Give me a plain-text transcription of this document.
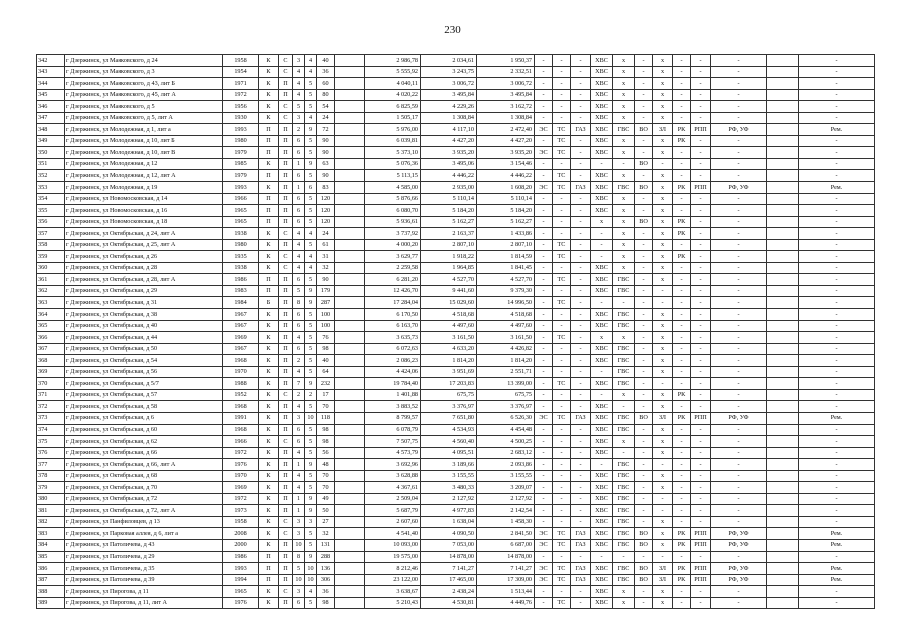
230
342	г Дзержинск, ул Маяковского, д 24	1958	К	С	3	4	40		2 986,78	2 034,61	1 950,37	-	-	-	ХВС	х	-	х	-	-	-		-
343	г Дзержинск, ул Маяковского, д 3	1954	К	С	4	4	36		5 555,92	3 243,75	2 332,51	-	-	-	ХВС	х	-	х	-	-	-		-
344	г Дзержинск, ул Маяковского, д 43, лит Б	1971	К	П	4	5	60		4 040,11	3 006,72	3 006,72	-	-	-	ХВС	х	-	х	-	-	-		-
345	г Дзержинск, ул Маяковского, д 45, лит А	1972	К	П	4	5	80		4 020,22	3 495,84	3 495,84	-	-	-	ХВС	х	-	х	-	-	-		-
346	г Дзержинск, ул Маяковского, д 5	1956	К	С	5	5	54		6 825,59	4 229,26	3 162,72	-	-	-	ХВС	х	-	х	-	-	-		-
347	г Дзержинск, ул Маяковского, д 5, лит А	1930	К	С	3	4	24		1 505,17	1 308,84	1 308,84	-	-	-	ХВС	х	-	х	-	-	-		-
348	г Дзержинск, ул Молодежная, д 1, лит а	1993	П	П	2	9	72		5 976,00	4 117,10	2 472,40	ЭС	ТС	ГАЗ	ХВС	ГВС	ВО	ЗЛ	РК	РПП	РФ, УФ		Рем.
349	г Дзержинск, ул Молодежная, д 10, лит Б	1980	П	П	6	5	90		6 039,81	4 427,20	4 427,20	-	ТС	-	ХВС	х	-	х	РК	-	-		-
350	г Дзержинск, ул Молодежная, д 10, лит В	1979	П	П	6	5	90		5 373,10	3 935,20	3 935,20	ЭС	ТС	-	ХВС	х	-	х	-	-	-		-
351	г Дзержинск, ул Молодежная, д 12	1985	К	П	1	9	63		5 076,36	3 495,06	3 154,46	-	-	-	-	-	ВО	-	-	-	-		-
352	г Дзержинск, ул Молодежная, д 12, лит А	1979	П	П	6	5	90		5 113,15	4 446,22	4 446,22	-	ТС	-	ХВС	х	-	х	-	-	-		-
353	г Дзержинск, ул Молодежная, д 19	1993	К	П	1	6	83		4 585,00	2 935,00	1 608,20	ЭС	ТС	ГАЗ	ХВС	ГВС	ВО	х	РК	РПП	РФ, УФ		Рем.
354	г Дзержинск, ул Новомосковская, д 14	1966	П	П	6	5	120		5 876,66	5 110,14	5 110,14	-	-	-	ХВС	х	-	х	-	-	-		-
355	г Дзержинск, ул Новомосковская, д 16	1965	П	П	6	5	120		6 080,70	5 184,20	5 184,20	-	-	-	ХВС	х	-	х	-	-	-		-
356	г Дзержинск, ул Новомосковская, д 18	1965	П	П	6	5	120		5 936,61	5 162,27	5 162,27	-	-	-	х	х	ВО	х	РК	-	-		-
357	г Дзержинск, ул Октябрьская, д 24, лит А	1938	К	С	4	4	24		3 737,92	2 163,37	1 433,86	-	-	-	-	х	-	х	РК	-	-		-
358	г Дзержинск, ул Октябрьская, д 25, лит А	1980	К	П	4	5	61		4 000,20	2 807,10	2 807,10	-	ТС	-	-	х	-	х	-	-	-		-
359	г Дзержинск, ул Октябрьская, д 26	1935	К	С	4	4	31		3 629,77	1 918,22	1 814,59	-	ТС	-	-	х	-	х	РК	-	-		-
360	г Дзержинск, ул Октябрьская, д 28	1938	К	С	4	4	32		2 259,58	1 964,85	1 841,45	-	-	-	ХВС	х	-	х	-	-	-		-
361	г Дзержинск, ул Октябрьская, д 28, лит А	1986	П	П	6	5	90		6 281,20	4 527,70	4 527,70	-	ТС	-	ХВС	ГВС	-	х	-	-	-		-
362	г Дзержинск, ул Октябрьская, д 29	1983	П	П	5	9	179		12 426,70	9 441,60	9 379,30	-	-	-	ХВС	ГВС	-	-	-	-	-		-
363	г Дзержинск, ул Октябрьская, д 31	1984	Б	П	8	9	287		17 284,04	15 029,60	14 996,50	-	ТС	-	-	-	-	-	-	-	-		-
364	г Дзержинск, ул Октябрьская, д 38	1967	К	П	6	5	100		6 170,50	4 518,68	4 518,68	-	-	-	ХВС	ГВС	-	х	-	-	-		-
365	г Дзержинск, ул Октябрьская, д 40	1967	К	П	6	5	100		6 163,70	4 497,60	4 497,60	-	-	-	ХВС	ГВС	-	х	-	-	-		-
366	г Дзержинск, ул Октябрьская, д 44	1969	К	П	4	5	76		3 635,73	3 161,50	3 161,50	-	ТС	-	х	х	-	х	-	-	-		-
367	г Дзержинск, ул Октябрьская, д 50	1967	К	П	6	5	98		6 072,63	4 633,20	4 426,82	-	-	-	ХВС	ГВС	-	х	-	-	-		-
368	г Дзержинск, ул Октябрьская, д 54	1968	К	П	2	5	40		2 086,23	1 814,20	1 814,20	-	-	-	ХВС	ГВС	-	х	-	-	-		-
369	г Дзержинск, ул Октябрьская, д 56	1970	К	П	4	5	64		4 424,06	3 951,69	2 551,71	-	-	-	-	ГВС	-	х	-	-	-		-
370	г Дзержинск, ул Октябрьская, д 5/7	1988	К	П	7	9	232		19 784,40	17 203,83	13 399,00	-	ТС	-	ХВС	ГВС	-	-	-	-	-		-
371	г Дзержинск, ул Октябрьская, д 57	1952	К	С	2	2	17		1 401,88	675,75	675,75	-	-	-	-	х	-	х	РК	-	-		-
372	г Дзержинск, ул Октябрьская, д 58	1968	К	П	4	5	70		3 883,52	3 376,97	3 376,97	-	-	-	ХВС	-	-	х	-	-	-		-
373	г Дзержинск, ул Октябрьская, д 6	1991	К	П	3	10	118		8 799,57	7 651,80	6 526,30	ЭС	ТС	ГАЗ	ХВС	ГВС	ВО	ЗЛ	РК	РПП	РФ, УФ		Рем.
374	г Дзержинск, ул Октябрьская, д 60	1968	К	П	6	5	98		6 078,79	4 534,93	4 454,48	-	-	-	ХВС	ГВС	-	х	-	-	-		-
375	г Дзержинск, ул Октябрьская, д 62	1966	К	С	6	5	98		7 507,75	4 560,40	4 500,25	-	-	-	ХВС	х	-	х	-	-	-		-
376	г Дзержинск, ул Октябрьская, д 66	1972	К	П	4	5	56		4 573,79	4 095,51	2 683,12	-	-	-	ХВС	-	-	х	-	-	-		-
377	г Дзержинск, ул Октябрьская, д 66, лит А	1976	К	П	1	9	48		3 692,96	3 189,66	2 093,86	-	-	-	-	ГВС	-	-	-	-	-		-
378	г Дзержинск, ул Октябрьская, д 68	1970	К	П	4	5	70		3 628,88	3 155,55	3 155,55	-	-	-	ХВС	ГВС	-	х	-	-	-		-
379	г Дзержинск, ул Октябрьская, д 70	1969	К	П	4	5	70		4 367,61	3 480,33	3 209,07	-	-	-	ХВС	ГВС	-	х	-	-	-		-
380	г Дзержинск, ул Октябрьская, д 72	1972	К	П	1	9	49		2 509,04	2 127,92	2 127,92	-	-	-	ХВС	ГВС	-	-	-	-	-		-
381	г Дзержинск, ул Октябрьская, д 72, лит А	1973	К	П	1	9	50		5 687,79	4 977,83	2 142,54	-	-	-	ХВС	ГВС	-	-	-	-	-		-
382	г Дзержинск, ул Панфиловцев, д 13	1958	К	С	3	3	27		2 607,60	1 638,04	1 458,30	-	-	-	ХВС	ГВС	-	х	-	-	-		-
383	г Дзержинск, ул Парковая аллея, д 6, лит а	2008	К	С	3	5	32		4 541,40	4 090,50	2 841,50	ЭС	ТС	ГАЗ	ХВС	ГВС	ВО	х	РК	РПП	РФ, УФ		Рем.
384	г Дзержинск, ул Патоличева, д 43	2000	К	П	10	5	131		10 093,00	7 053,00	6 687,00	ЭС	ТС	ГАЗ	ХВС	ГВС	ВО	х	РК	РПП	РФ, УФ		Рем.
385	г Дзержинск, ул Патоличева, д 29	1986	П	П	8	9	288		19 575,00	14 878,00	14 878,00	-	-	-	-	-	-	-	-	-	-		-
386	г Дзержинск, ул Патоличева, д 35	1993	П	П	5	10	136		8 212,46	7 141,27	7 141,27	ЭС	ТС	ГАЗ	ХВС	ГВС	ВО	ЗЛ	РК	РПП	РФ, УФ		Рем.
387	г Дзержинск, ул Патоличева, д 39	1994	П	П	10	10	306		23 122,00	17 465,00	17 309,00	ЭС	ТС	ГАЗ	ХВС	ГВС	ВО	ЗЛ	РК	РПП	РФ, УФ		Рем.
388	г Дзержинск, ул Пирогова, д 11	1965	К	С	3	4	36		3 638,67	2 438,24	1 513,44	-	-	-	ХВС	х	-	х	-	-	-		-
389	г Дзержинск, ул Пирогова, д 11, лит А	1976	К	П	6	5	98		5 210,43	4 530,81	4 449,76	-	ТС	-	ХВС	х	-	х	-	-	-		-
